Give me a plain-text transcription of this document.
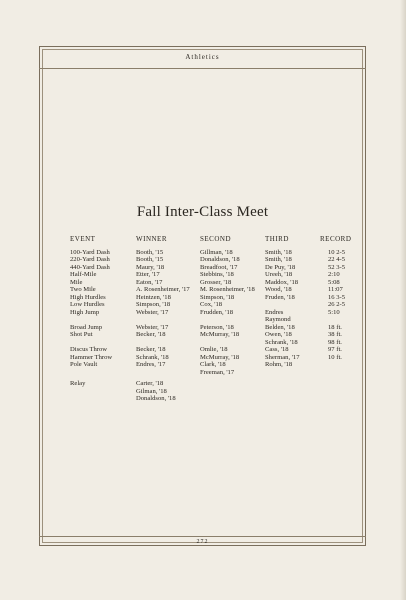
Athletics
Fall Inter-Class Meet
EVENT	WINNER	SECOND	THIRD	RECORD
100-Yard Dash	Booth, '15	Gillman, '18	Smith, '18	10 2-5
220-Yard Dash	Booth, '15	Donaldson, '18	Smith, '18	22 4-5
440-Yard Dash	Maury, '18	Breadfoot, '17	De Puy, '18	52 3-5
Half-Mile	Etter, '17	Stebbins, '18	Ureeh, '18	2:10
Mile	Eaton, '17	Grosser, '18	Maddox, '18	5:08
Two Mile	A. Rosenheimer, '17	M. Rosenheimer, '18	Wood, '18	11:07
High Hurdles	Heintzen, '18	Simpson, '18	Fruden, '18	16 3-5
Low Hurdles	Simpson, '18	Cox, '18		26 2-5
High Jump	Webster, '17	Frudden, '18	Endres	5:10
			Raymond	
Broad Jump	Webster, '17	Peterson, '18	Belden, '18	18 ft.
Shot Put	Becker, '18	McMurray, '18	Owen, '18	38 ft.
			Schrank, '18	98 ft.
Discus Throw	Becker, '18	Omlie, '18	Cass, '18	97 ft.
Hammer Throw	Schrank, '18	McMurray, '18	Sherman, '17	10 ft.
Pole Vault	Endres, '17	Clark, '18	Rohm, '18	
		Freeman, '17		

Relay	Carter, '18			
	Gilman, '18			
	Donaldson, '18			
272
